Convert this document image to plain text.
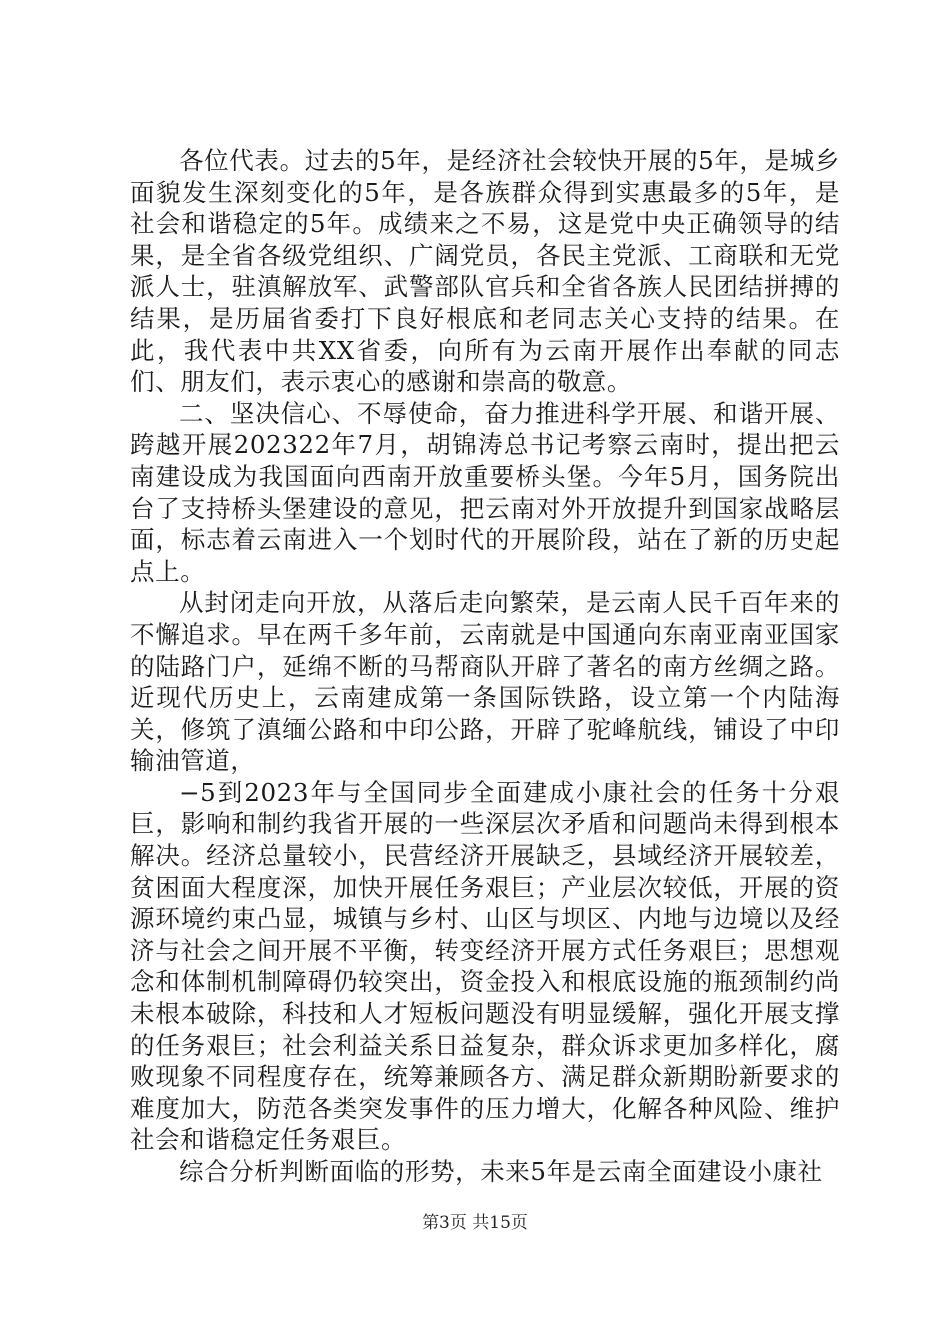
各位代表。过去的5年，是经济社会较快开展的5年，是城乡面貌发生深刻变化的5年，是各族群众得到实惠最多的5年，是社会和谐稳定的5年。成绩来之不易，这是党中央正确领导的结果，是全省各级党组织、广阔党员，各民主党派、工商联和无党派人士，驻滇解放军、武警部队官兵和全省各族人民团结拼搏的结果，是历届省委打下良好根底和老同志关心支持的结果。在此，我代表中共XX省委，向所有为云南开展作出奉献的同志们、朋友们，表示衷心的感谢和崇高的敬意。

二、坚决信心、不辱使命，奋力推进科学开展、和谐开展、跨越开展202322年7月，胡锦涛总书记考察云南时，提出把云南建设成为我国面向西南开放重要桥头堡。今年5月，国务院出台了支持桥头堡建设的意见，把云南对外开放提升到国家战略层面，标志着云南进入一个划时代的开展阶段，站在了新的历史起点上。

从封闭走向开放，从落后走向繁荣，是云南人民千百年来的不懈追求。早在两千多年前，云南就是中国通向东南亚南亚国家的陆路门户，延绵不断的马帮商队开辟了著名的南方丝绸之路。近现代历史上，云南建成第一条国际铁路，设立第一个内陆海关，修筑了滇缅公路和中印公路，开辟了驼峰航线，铺设了中印输油管道，

−5到2023年与全国同步全面建成小康社会的任务十分艰巨，影响和制约我省开展的一些深层次矛盾和问题尚未得到根本解决。经济总量较小，民营经济开展缺乏，县域经济开展较差，贫困面大程度深，加快开展任务艰巨；产业层次较低，开展的资源环境约束凸显，城镇与乡村、山区与坝区、内地与边境以及经济与社会之间开展不平衡，转变经济开展方式任务艰巨；思想观念和体制机制障碍仍较突出，资金投入和根底设施的瓶颈制约尚未根本破除，科技和人才短板问题没有明显缓解，强化开展支撑的任务艰巨；社会利益关系日益复杂，群众诉求更加多样化，腐败现象不同程度存在，统筹兼顾各方、满足群众新期盼新要求的难度加大，防范各类突发事件的压力增大，化解各种风险、维护社会和谐稳定任务艰巨。

综合分析判断面临的形势，未来5年是云南全面建设小康社

第3页 共15页
